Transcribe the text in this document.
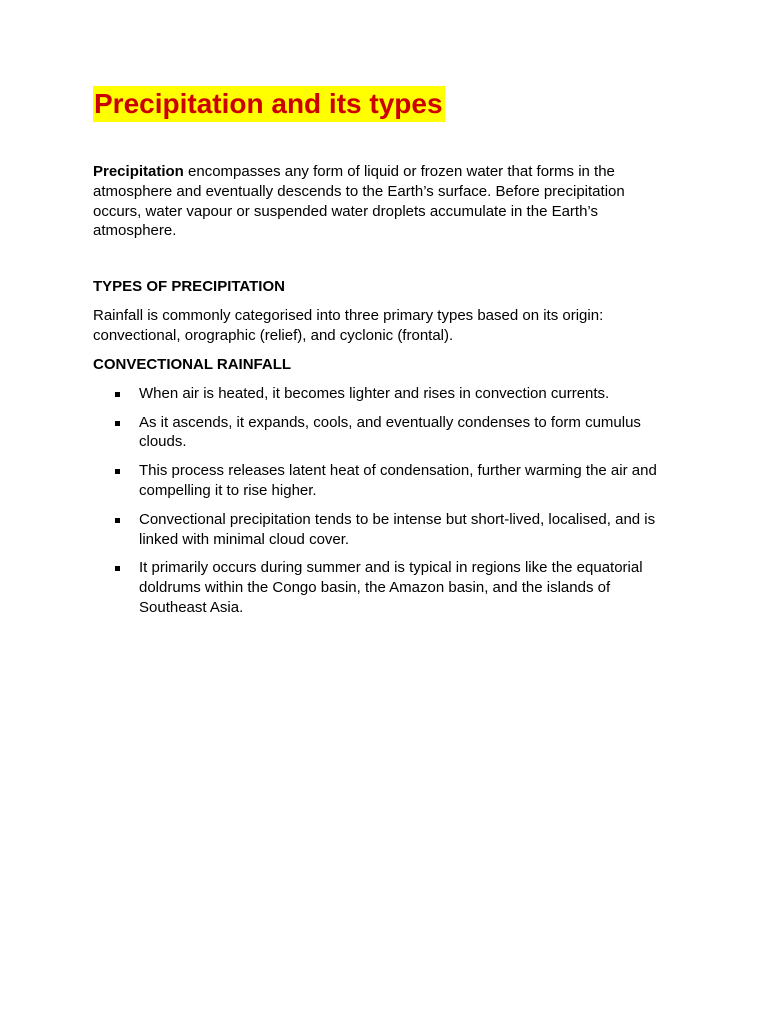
Precipitation and its types

Precipitation encompasses any form of liquid or frozen water that forms in the atmosphere and eventually descends to the Earth’s surface. Before precipitation occurs, water vapour or suspended water droplets accumulate in the Earth’s atmosphere.

TYPES OF PRECIPITATION

Rainfall is commonly categorised into three primary types based on its origin: convectional, orographic (relief), and cyclonic (frontal).

CONVECTIONAL RAINFALL
When air is heated, it becomes lighter and rises in convection currents.
As it ascends, it expands, cools, and eventually condenses to form cumulus clouds.
This process releases latent heat of condensation, further warming the air and compelling it to rise higher.
Convectional precipitation tends to be intense but short-lived, localised, and is linked with minimal cloud cover.
It primarily occurs during summer and is typical in regions like the equatorial doldrums within the Congo basin, the Amazon basin, and the islands of Southeast Asia.
